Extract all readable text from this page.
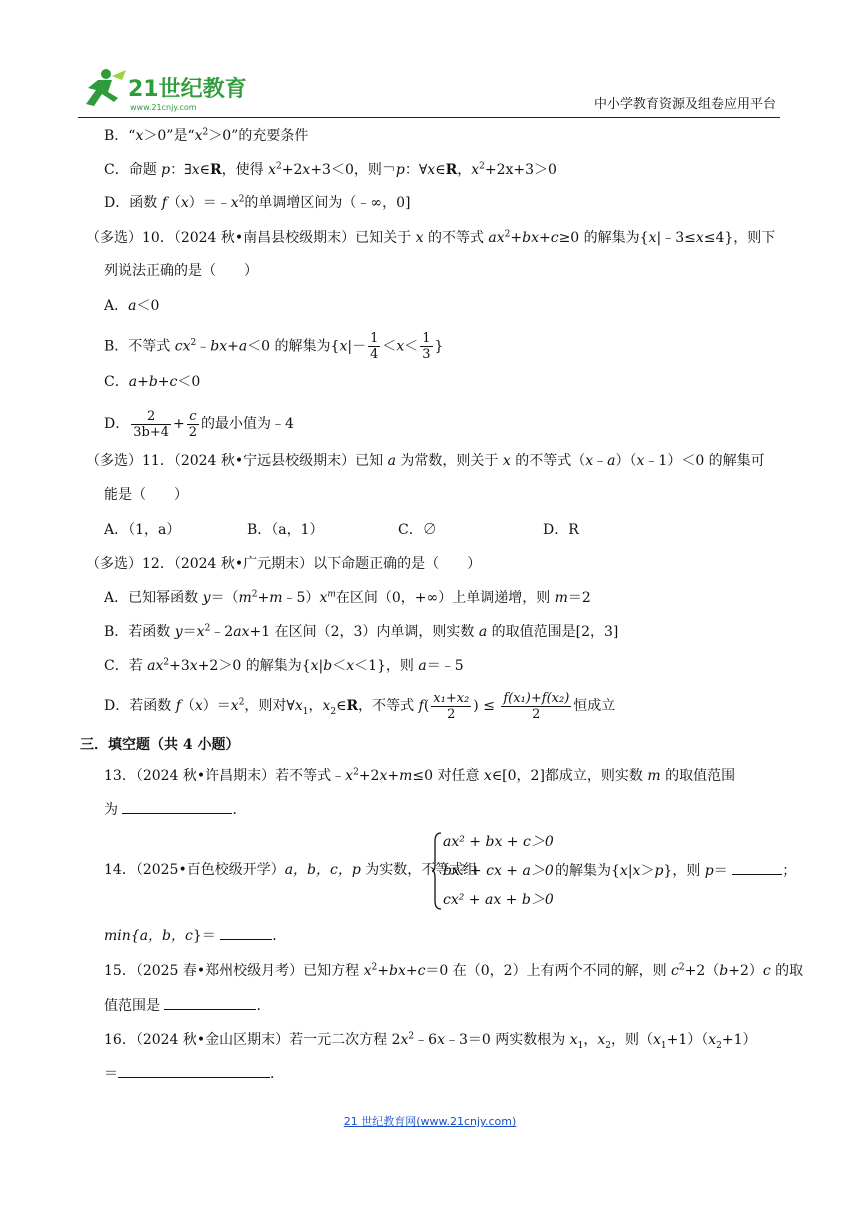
21世纪教育
www.21cnjy.com	中小学教育资源及组卷应用平台
B．“x＞0”是“$x^2>0$”的充要条件
C．命题 p：∃x∈R，使得 $x^2+2x+3<0$，则￢p：∀x∈R，$x^2+2x+3>0$
D．函数 $f(x)=﹣x^2$的单调增区间为（﹣∞，0]
（多选）10．（2024 秋•南昌县校级期末）已知关于 x 的不等式 $ax^2+bx+c\ge 0$ 的解集为{x|﹣3≤x≤4}，则下
列说法正确的是（　　）
A．a＜0
B．不等式 $cx^2﹣bx+a<0$ 的解集为{$x|- \frac{1}{4} <x< \frac{1}{3}$ }
C．a+b+c＜0
D． $\frac{2}{3b+4} + \frac{c}{2}$ 的最小值为﹣4
（多选）11．（2024 秋•宁远县校级期末）已知 a 为常数，则关于 x 的不等式（x﹣a）（x﹣1）＜0 的解集可
能是（　　）
A．（1，a）	B．（a，1）	C．∅	D．R
（多选）12．（2024 秋•广元期末）以下命题正确的是（　　）
A．已知幂函数 $y=(m^2+m﹣5)x^m$在区间（0，+∞）上单调递增，则 m＝2
B．若函数 $y=x^2﹣2ax+1$ 在区间（2，3）内单调，则实数 a 的取值范围是[2，3]
C．若 $ax^2+3x+2>0$ 的解集为{x|b＜x＜1}，则 a＝﹣5
D．若函数 $f(x)=x^2$，则对$\forall x_1$，$x_2\in R$，不等式 $f( \frac{\text{x₁+x₂}}{2}$ ) ≤ $\frac{\text{f(x₁)+f(x₂)}}{2}$ 恒成立
三．填空题（共 4 小题）
13．（2024 秋•许昌期末）若不等式$﹣x^2+2x+m\le 0$ 对任意 x∈[0，2]都成立，则实数 m 的取值范围
为	．
14．（2025•百色校级开学）a，b，c，p 为实数，不等式组
ax² + bx + c＞0
bx² + cx + a＞0
cx² + ax + b＞0
的解集为{x|x＞p}，则 p＝	；
min{a，b，c}＝	．
15．（2025 春•郑州校级月考）已知方程 $x^2+bx+c=0$ 在（0，2）上有两个不同的解，则 $c^2+2(b+2)c$ 的取
值范围是	．
16．（2024 秋•金山区期末）若一元二次方程 $2x^2﹣6x﹣3=0$ 两实数根为 $x_1$，$x_2$，则$(x_1+1)(x_2+1)$
＝	．
21 世纪教育网(www.21cnjy.com)
